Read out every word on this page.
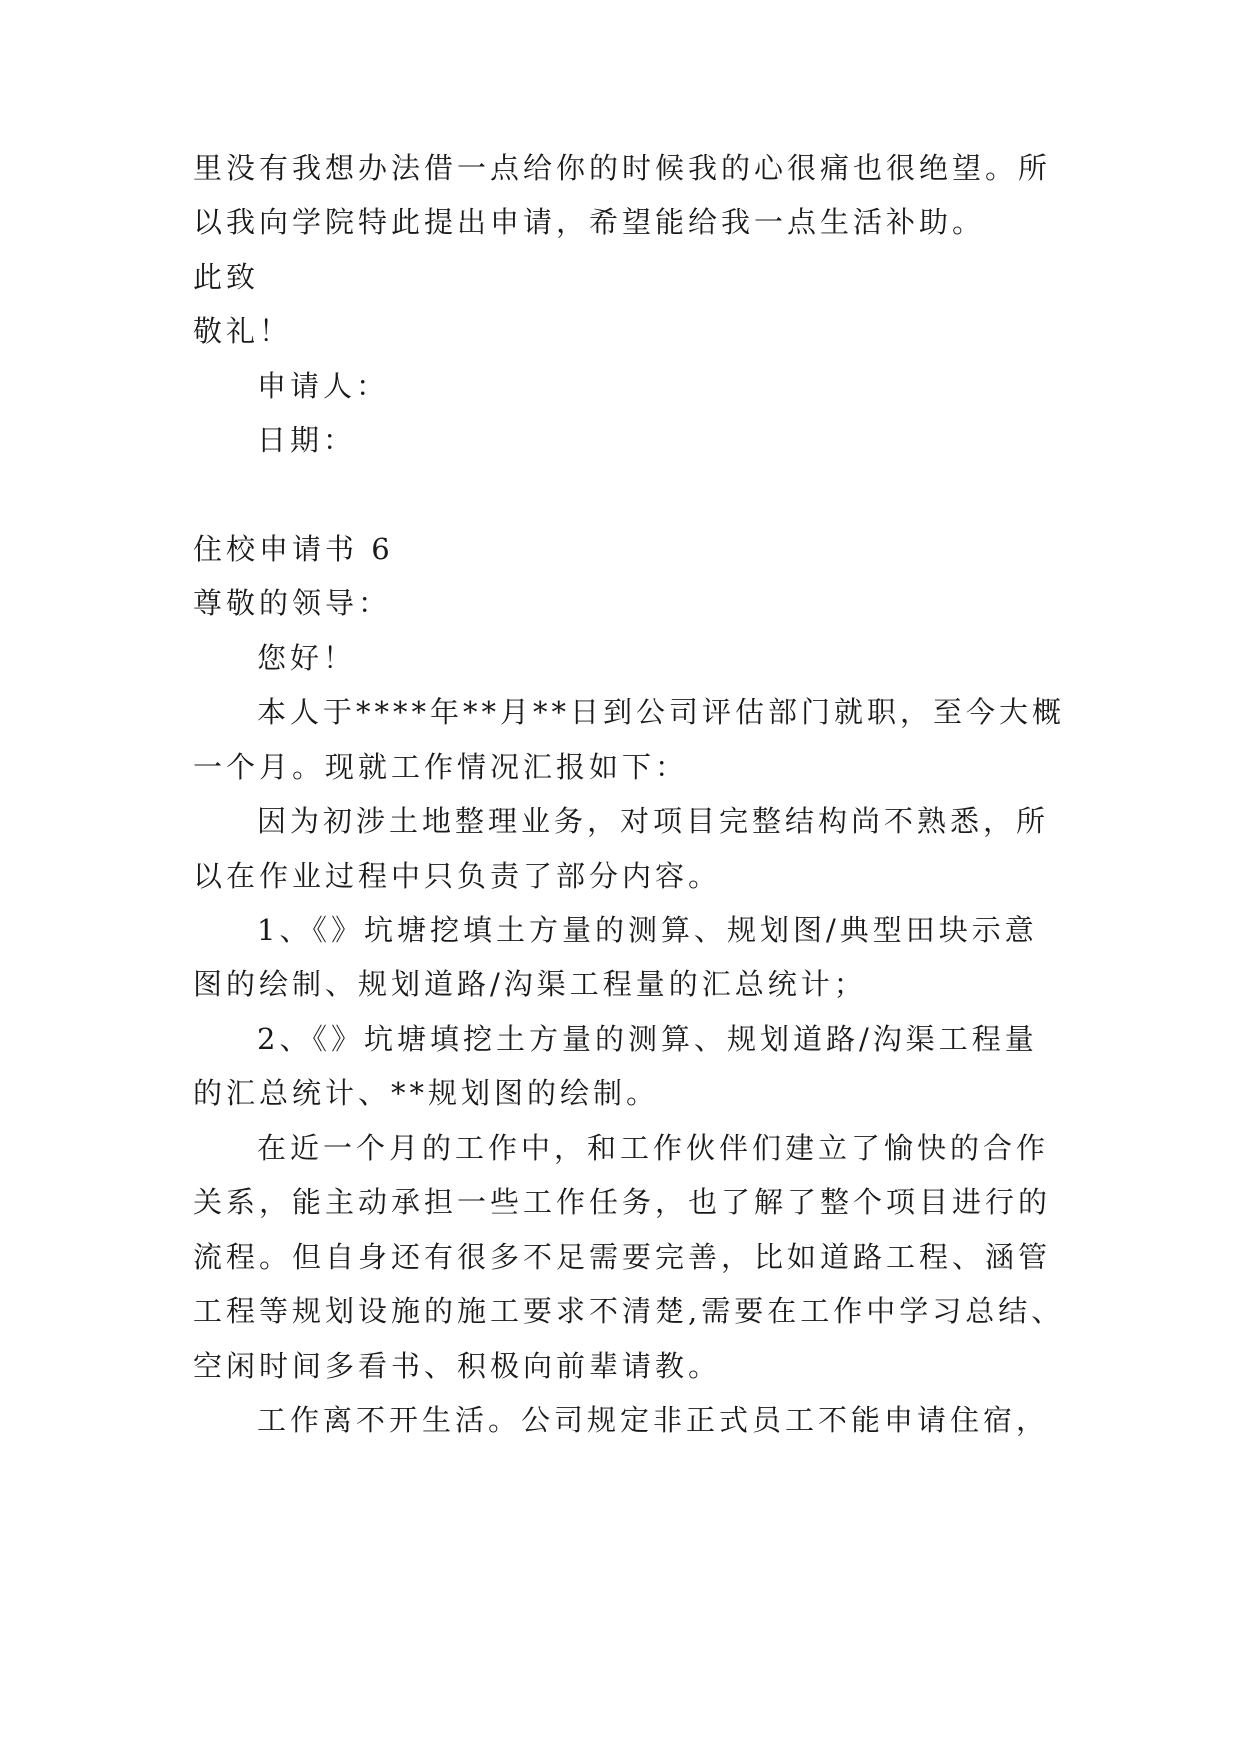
里没有我想办法借一点给你的时候我的心很痛也很绝望。所
以我向学院特此提出申请，希望能给我一点生活补助。
此致
敬礼！
申请人：
日期：
住校申请书 6
尊敬的领导：
您好！
本人于****年**月**日到公司评估部门就职，至今大概
一个月。现就工作情况汇报如下：
因为初涉土地整理业务，对项目完整结构尚不熟悉，所
以在作业过程中只负责了部分内容。
1、《》坑塘挖填土方量的测算、规划图/典型田块示意
图的绘制、规划道路/沟渠工程量的汇总统计；
2、《》坑塘填挖土方量的测算、规划道路/沟渠工程量
的汇总统计、**规划图的绘制。
在近一个月的工作中，和工作伙伴们建立了愉快的合作
关系，能主动承担一些工作任务，也了解了整个项目进行的
流程。但自身还有很多不足需要完善，比如道路工程、涵管
工程等规划设施的施工要求不清楚,需要在工作中学习总结、
空闲时间多看书、积极向前辈请教。
工作离不开生活。公司规定非正式员工不能申请住宿，
